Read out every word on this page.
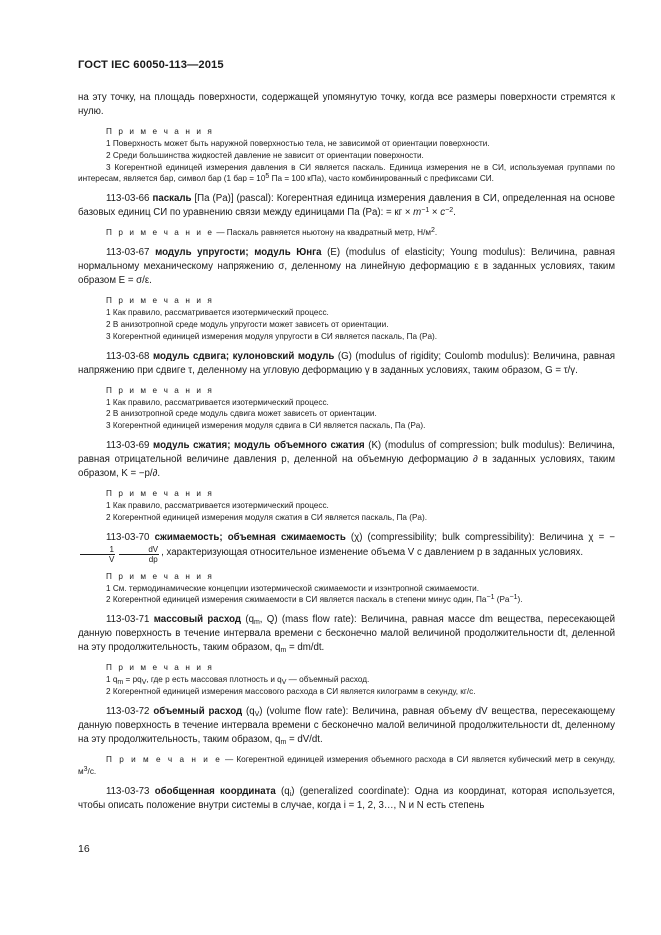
ГОСТ IEC 60050-113—2015

на эту точку, на площадь поверхности, содержащей упомянутую точку, когда все размеры поверхности стремятся к нулю.

П р и м е ч а н и я

1 Поверхность может быть наружной поверхностью тела, не зависимой от ориентации поверхности.

2 Среди большинства жидкостей давление не зависит от ориентации поверхности.

3 Когерентной единицей измерения давления в СИ является паскаль. Единица измерения не в СИ, используемая группами по интересам, является бар, символ бар (1 бар = $10^5$ Па = 100 кПа), часто комбинированный с префиксами СИ.

113-03-66 паскаль [Па (Pa)] (pascal): Когерентная единица измерения давления в СИ, определенная на основе базовых единиц СИ по уравнению связи между единицами Па (Pa): = кг × $m^{-1} \times c^{-2}$.

П р и м е ч а н и е — Паскаль равняется ньютону на квадратный метр, $Н/м^2$.

113-03-67 модуль упругости; модуль Юнга (E) (modulus of elasticity; Young modulus): Величина, равная нормальному механическому напряжению σ, деленному на линейную деформацию ε в заданных условиях, таким образом E = σ/ε.

П р и м е ч а н и я

1 Как правило, рассматривается изотермический процесс.

2 В анизотропной среде модуль упругости может зависеть от ориентации.

3 Когерентной единицей измерения модуля упругости в СИ является паскаль, Па (Pa).

113-03-68 модуль сдвига; кулоновский модуль (G) (modulus of rigidity; Coulomb modulus): Величина, равная напряжению при сдвиге τ, деленному на угловую деформацию γ в заданных условиях, таким образом, G = τ/γ.

П р и м е ч а н и я

1 Как правило, рассматривается изотермический процесс.

2 В анизотропной среде модуль сдвига может зависеть от ориентации.

3 Когерентной единицей измерения модуля сдвига в СИ является паскаль, Па (Pa).

113-03-69 модуль сжатия; модуль объемного сжатия (K) (modulus of compression; bulk modulus): Величина, равная отрицательной величине давления p, деленной на объемную деформацию ∂ в заданных условиях, таким образом, K = −p/∂.

П р и м е ч а н и я

1 Как правило, рассматривается изотермический процесс.

2 Когерентной единицей измерения модуля сжатия в СИ является паскаль, Па (Pa).

113-03-70 сжимаемость; объемная сжимаемость (χ) (compressibility; bulk compressibility): Величина χ = −
$\frac{1}{V} \frac{dV}{dp}$ , характеризующая относительное изменение объема V с давлением p в заданных условиях.

П р и м е ч а н и я

1 См. термодинамические концепции изотермической сжимаемости и изэнтропной сжимаемости.

2 Когерентной единицей измерения сжимаемости в СИ является паскаль в степени минус один, $Па^{-1}$ $(Pa^{-1})$.

113-03-71 массовый расход ($q_m$, Q) (mass flow rate): Величина, равная массе dm вещества, пересекающей данную поверхность в течение интервала времени с бесконечно малой величиной продолжительности dt, деленной на эту продолжительность, таким образом, $q_m = dm/dt$.

П р и м е ч а н и я

1 $q_m = pq_V$, где p есть массовая плотность и $q_V$ — объемный расход.

2 Когерентной единицей измерения массового расхода в СИ является килограмм в секунду, кг/с.

113-03-72 объемный расход $(q_V)$ (volume flow rate): Величина, равная объему dV вещества, пересекающему данную поверхность в течение интервала времени с бесконечно малой величиной продолжительности dt, деленному на эту продолжительность, таким образом, $q_m = dV/dt$.

П р и м е ч а н и е — Когерентной единицей измерения объемного расхода в СИ является кубический метр в секунду, $м^3/c$.

113-03-73 обобщенная координата $(q_i)$ (generalized coordinate): Одна из координат, которая используется, чтобы описать положение внутри системы в случае, когда i = 1, 2, 3…, N и N есть степень

16
